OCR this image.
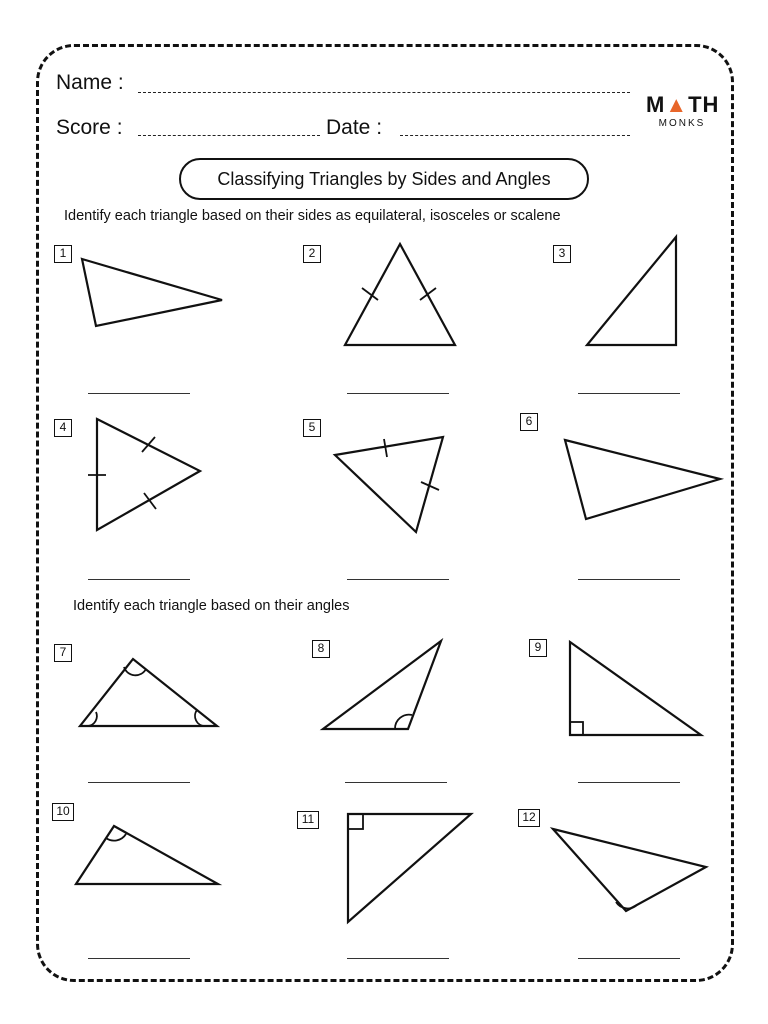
Name :
Score :	Date :
M▲TH
MONKS
Classifying Triangles by Sides and Angles
Identify each triangle based on their sides as equilateral, isosceles or scalene
Identify each triangle based on their angles
1	2	3
4	5	6
7	8	9
10
11	12
